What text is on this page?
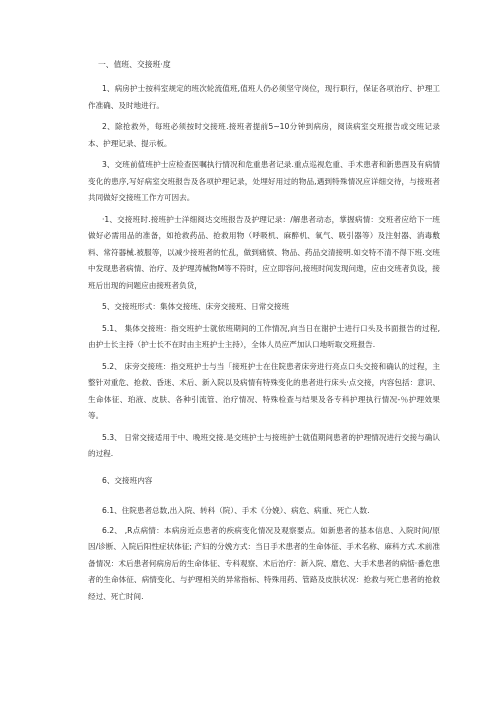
一、值班、交接班·度
1、病房护士按科室规定的班次轮流值班,值班人仍必须坚守岗位，现行职行，保证各项治疗、护理工作准确、及时地进行。
2、除抢救外，每班必须按时交接班.接班者提前5~10分钟到病房，阅读病室交班报告或交班记录本、护理记录、提示板。
3、交班前值班护士应检查医嘱执行情况和危重患者记录.重点巡视危重、手术患者和新患酉及有病情变化的患序,写好病室交班报告及各项护理记录，处埋好用过的物品,遇到特殊情况应详细交待，与接班者共同做好交接班工作方可因去。
·1、交接班时.接班护士洋细阅达交班报告及护理记录：/解患者动态，掌握病情：交班者应给下一班做好必需用品的准备，如抢救药品、抢救用物（呼吸机、麻醉机、氧气、吸引器等）及注射器、消毒敷料、常符器械.被服等，以减少接班者的忙乱，做到痛愤、物品、药品交清接明.如交特不清不得下班.交班中发现患者病情、治疗、及护理涛械物M等不符时，应立即容问,接班时间发现问遨，应由交班者负设，接班后出现的问题应由接班者负货，
5、交接班形式：集体交接班、床旁交接班、日常交接班
5.1、 集体交接班：指交班护士就依班期间的工作情况,向当日在谢护士进行口头及书面报告的过程,由护士长主持（护士长不在时由主班护士主持），全体人员应严加认口地听取交班报告.
5.2、 床旁交接班：指交班护士与当「接班护士在住院患者床旁进行亮点口头交接和确认的过程，主整针对重危、抢救、昏迷、术后、新入院以及病情有特殊变化的患者进行床头·点交接，内容包括：意识、生命体征、珀液、皮肤、各种引流管、治疗情况、特殊检查与结果及各专科护理执行情况-％护理效果等。
5.3、 日常交接适用于中、晚班交接.是交班护士与接班护士就值期间患者的护理情况进行交接与确认的过程.
6、交接班内容
6.1、住院患者总数,出入院、转科（院）、手术《分娩）、病危、病重、死亡人数.
6.2、 ,R点病情：本病房近点患者的疾病变化情况及观察要点。如新患者的基本信息、入院时间/原因/诊断、入院后阳性症状体征; 产妇的分娩方式：当日手术患者的生命体征、手术名称、麻科方式.术前准备情况：术后患者何病房后的生命体征、专科观察、术后治疗：新入院、磨危、大手术患者的病惦·番危患者的生命体征、病情变化、与护理相关的异常指标、特殊用药、管路及皮肤状况：抢救与死亡患者的抢救经过、死亡时间.
